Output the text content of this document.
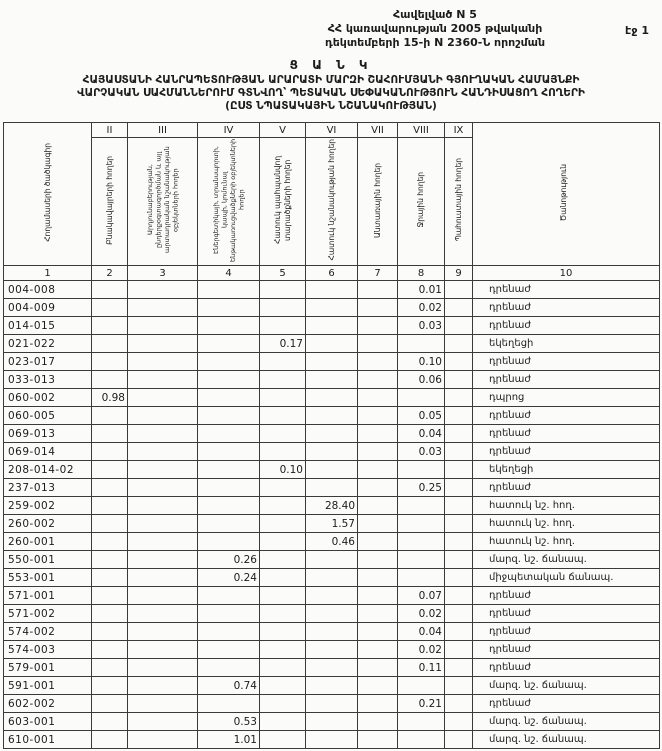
Հավելված N 5
ՀՀ կառավարության 2005 թվականի
դեկտեմբերի 15-ի N 2360-Ն որոշման
էջ 1
Ց Ա Ն Կ
ՀԱՅԱՍՏԱՆԻ ՀԱՆՐԱՊԵՏՈՒԹՅԱՆ ԱՐԱՐԱՏԻ ՄԱՐԶԻ ՇԱՀՈՒՄՅԱՆԻ ԳՅՈՒՂԱԿԱՆ ՀԱՄԱՅՆՔԻ
ՎԱՐՉԱԿԱՆ ՍԱՀՄԱՆՆԵՐՈՒՄ ԳՏՆՎՈՂ՝ ՊԵՏԱԿԱՆ ՍԵՓԱԿԱՆՈՒԹՅՈՒՆ ՀԱՆԴԻՍԱՑՈՂ ՀՈՂԵՐԻ
(ԸՍՏ ՆՊԱՏԱԿԱՅԻՆ ՆՇԱՆԱԿՈՒԹՅԱՆ)
Հողամասերի ծածկագիր	II	III	IV	V	VI	VII	VIII	IX	Ծանոթություն
	Բնակավայրերի հողեր	Արդյունաբերության, ընդերքօգտագործման և այլ արտադրական նշանակության օբյեկտների հողեր	Էներգետիկայի, տրանսպորտի, կապի, կոմունալ ենթակառուցվածքների օբյեկտների հողեր	Հատուկ պահպանվող տարածքների հողեր	Հատուկ նշանակության հողեր	Անտառային հողեր	Ջրային հողեր	Պահուստային հողեր	
1	2	3	4	5	6	7	8	9	10
004-008							0.01		դրենաժ
004-009							0.02		դրենաժ
014-015							0.03		դրենաժ
021-022				0.17					եկեղեցի
023-017							0.10		դրենաժ
033-013							0.06		դրենաժ
060-002	0.98								դպրոց
060-005							0.05		դրենաժ
069-013							0.04		դրենաժ
069-014							0.03		դրենաժ
208-014-02				0.10					եկեղեցի
237-013							0.25		դրենաժ
259-002					28.40				հատուկ նշ. հող.
260-002					1.57				հատուկ նշ. հող.
260-001					0.46				հատուկ նշ. հող.
550-001			0.26						մարզ. նշ. ճանապ.
553-001			0.24						միջպետական ճանապ.
571-001							0.07		դրենաժ
571-002							0.02		դրենաժ
574-002							0.04		դրենաժ
574-003							0.02		դրենաժ
579-001							0.11		դրենաժ
591-001			0.74						մարզ. նշ. ճանապ.
602-002							0.21		դրենաժ
603-001			0.53						մարզ. նշ. ճանապ.
610-001			1.01						մարզ. նշ. ճանապ.
